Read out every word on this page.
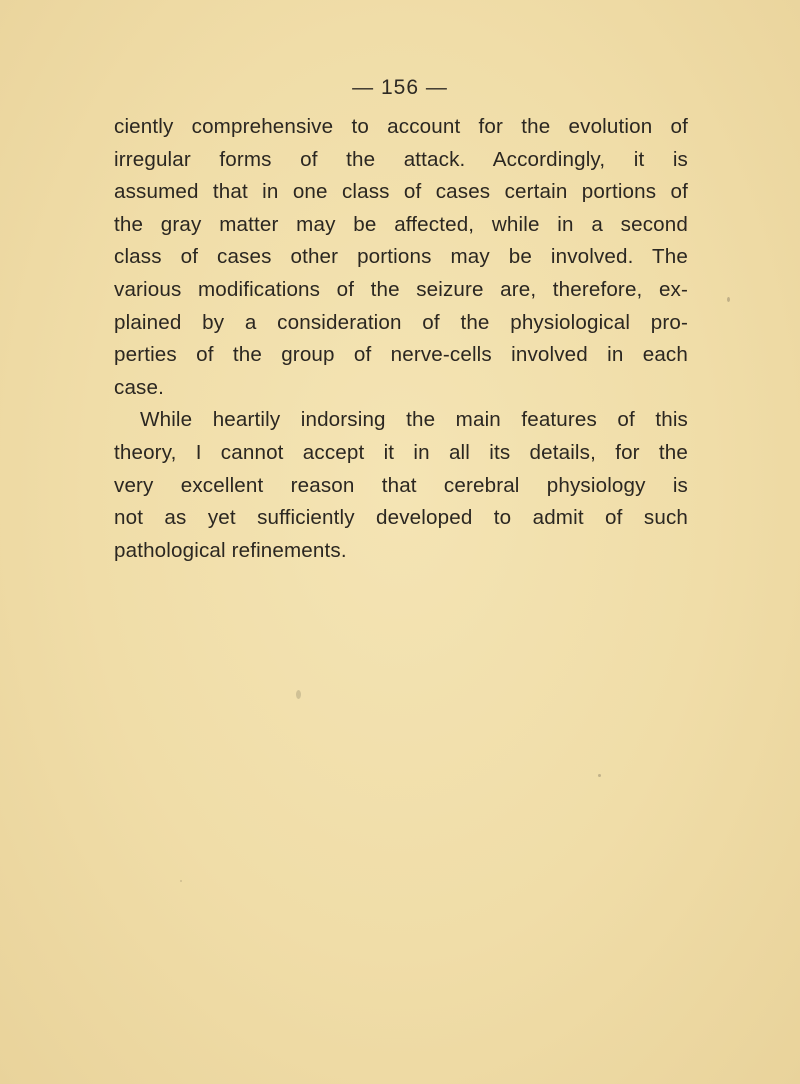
— 156 —
ciently comprehensive to account for the evolution of
irregular forms of the attack. Accordingly, it is
assumed that in one class of cases certain portions of
the gray matter may be affected, while in a second
class of cases other portions may be involved. The
various modifications of the seizure are, therefore, ex-
plained by a consideration of the physiological pro-
perties of the group of nerve-cells involved in each
case.
While heartily indorsing the main features of this
theory, I cannot accept it in all its details, for the
very excellent reason that cerebral physiology is
not as yet sufficiently developed to admit of such
pathological refinements.
